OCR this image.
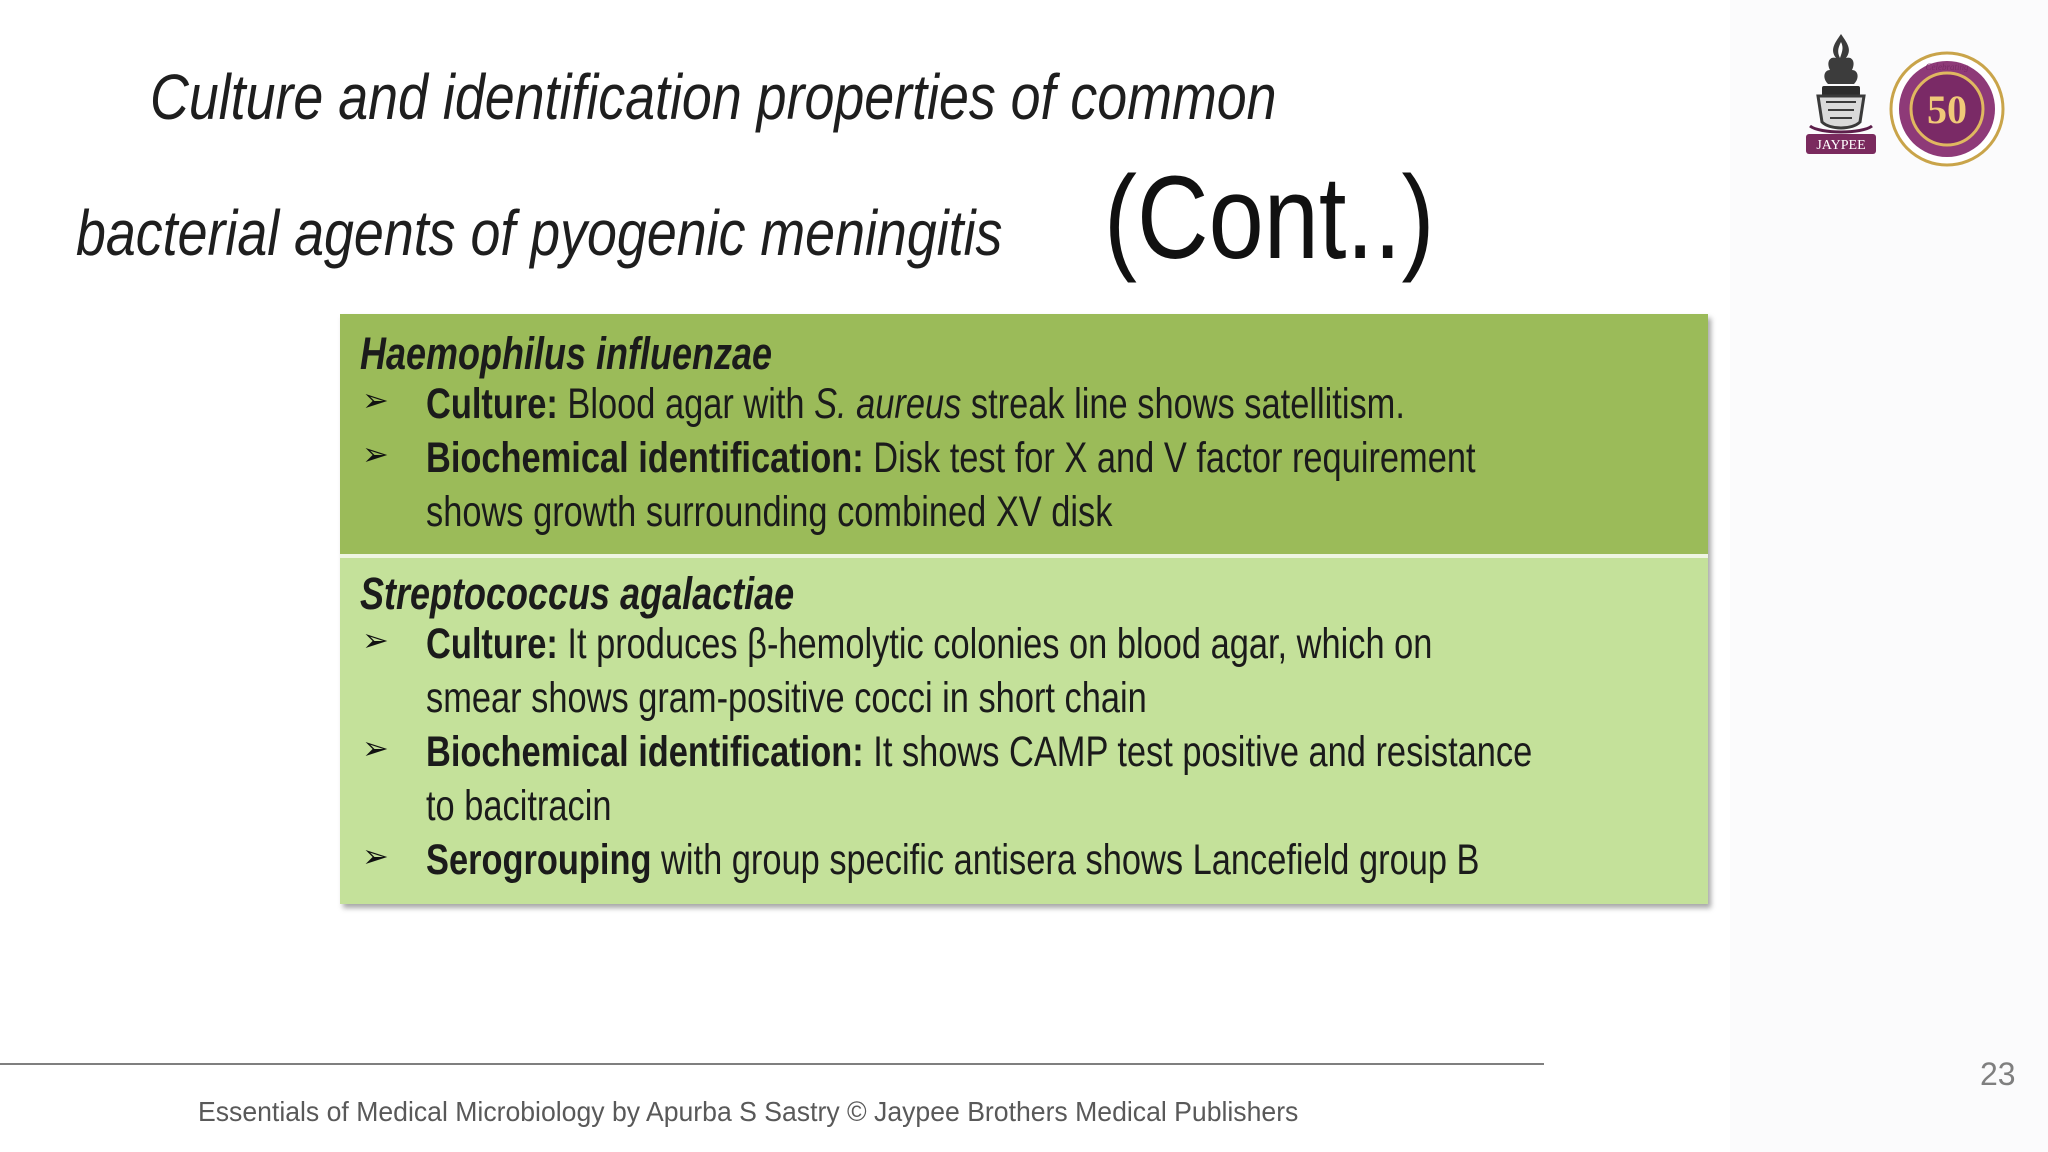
Culture and identification properties of common
bacterial agents of pyogenic meningitis (Cont..)
JAYPEE
50
Celebrating
Haemophilus influenzae
➢ Culture: Blood agar with S. aureus streak line shows satellitism.
➢ Biochemical identification: Disk test for X and V factor requirement
shows growth surrounding combined XV disk
Streptococcus agalactiae
➢ Culture: It produces β-hemolytic colonies on blood agar, which on
smear shows gram-positive cocci in short chain
➢ Biochemical identification: It shows CAMP test positive and resistance
to bacitracin
➢ Serogrouping with group specific antisera shows Lancefield group B
Essentials of Medical Microbiology by Apurba S Sastry © Jaypee Brothers Medical Publishers
23
